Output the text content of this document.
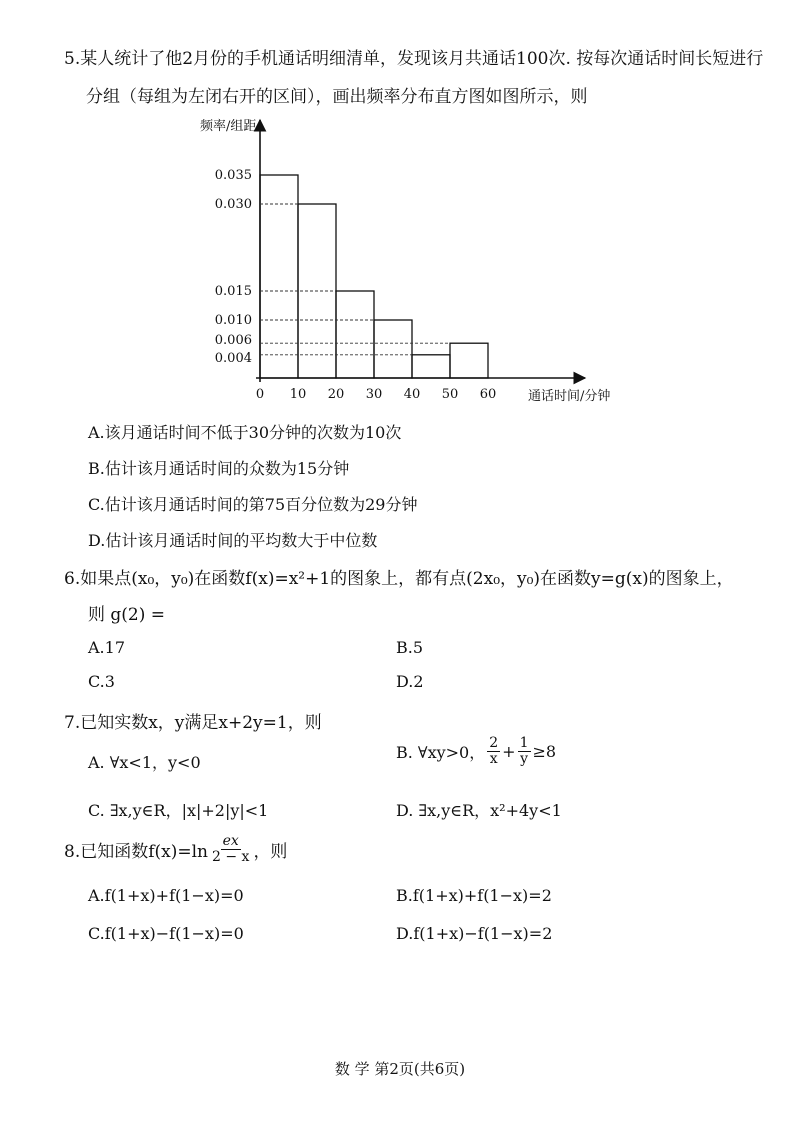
5.某人统计了他2月份的手机通话明细清单，发现该月共通话100次. 按每次通话时间长短进行
分组（每组为左闭右开的区间），画出频率分布直方图如图所示，则
频率/组距
通话时间/分钟
0.035
0.030
0.015
0.010
0.006
0.004
0 10 20 30 40 50 60
A.该月通话时间不低于30分钟的次数为10次
B.估计该月通话时间的众数为15分钟
C.估计该月通话时间的第75百分位数为29分钟
D.估计该月通话时间的平均数大于中位数
6.如果点(x₀，y₀)在函数f(x)=x²+1的图象上，都有点(2x₀，y₀)在函数y=g(x)的图象上，
则 g(2) =
A.17	B.5
C.3	D.2
7.已知实数x，y满足x+2y=1，则
A. ∀x<1，y<0
B. ∀xy>0， $\frac{2}{x} + \frac{1}{y} \ge 8$
C. ∃x,y∈R，|x|+2|y|<1	D. ∃x,y∈R，x²+4y<1
8.已知函数$f(x)=\ln \frac{ex}{2 - x}$ ，则
A.f(1+x)+f(1−x)=0	B.f(1+x)+f(1−x)=2
C.f(1+x)−f(1−x)=0	D.f(1+x)−f(1−x)=2
数 学 第2页(共6页)
